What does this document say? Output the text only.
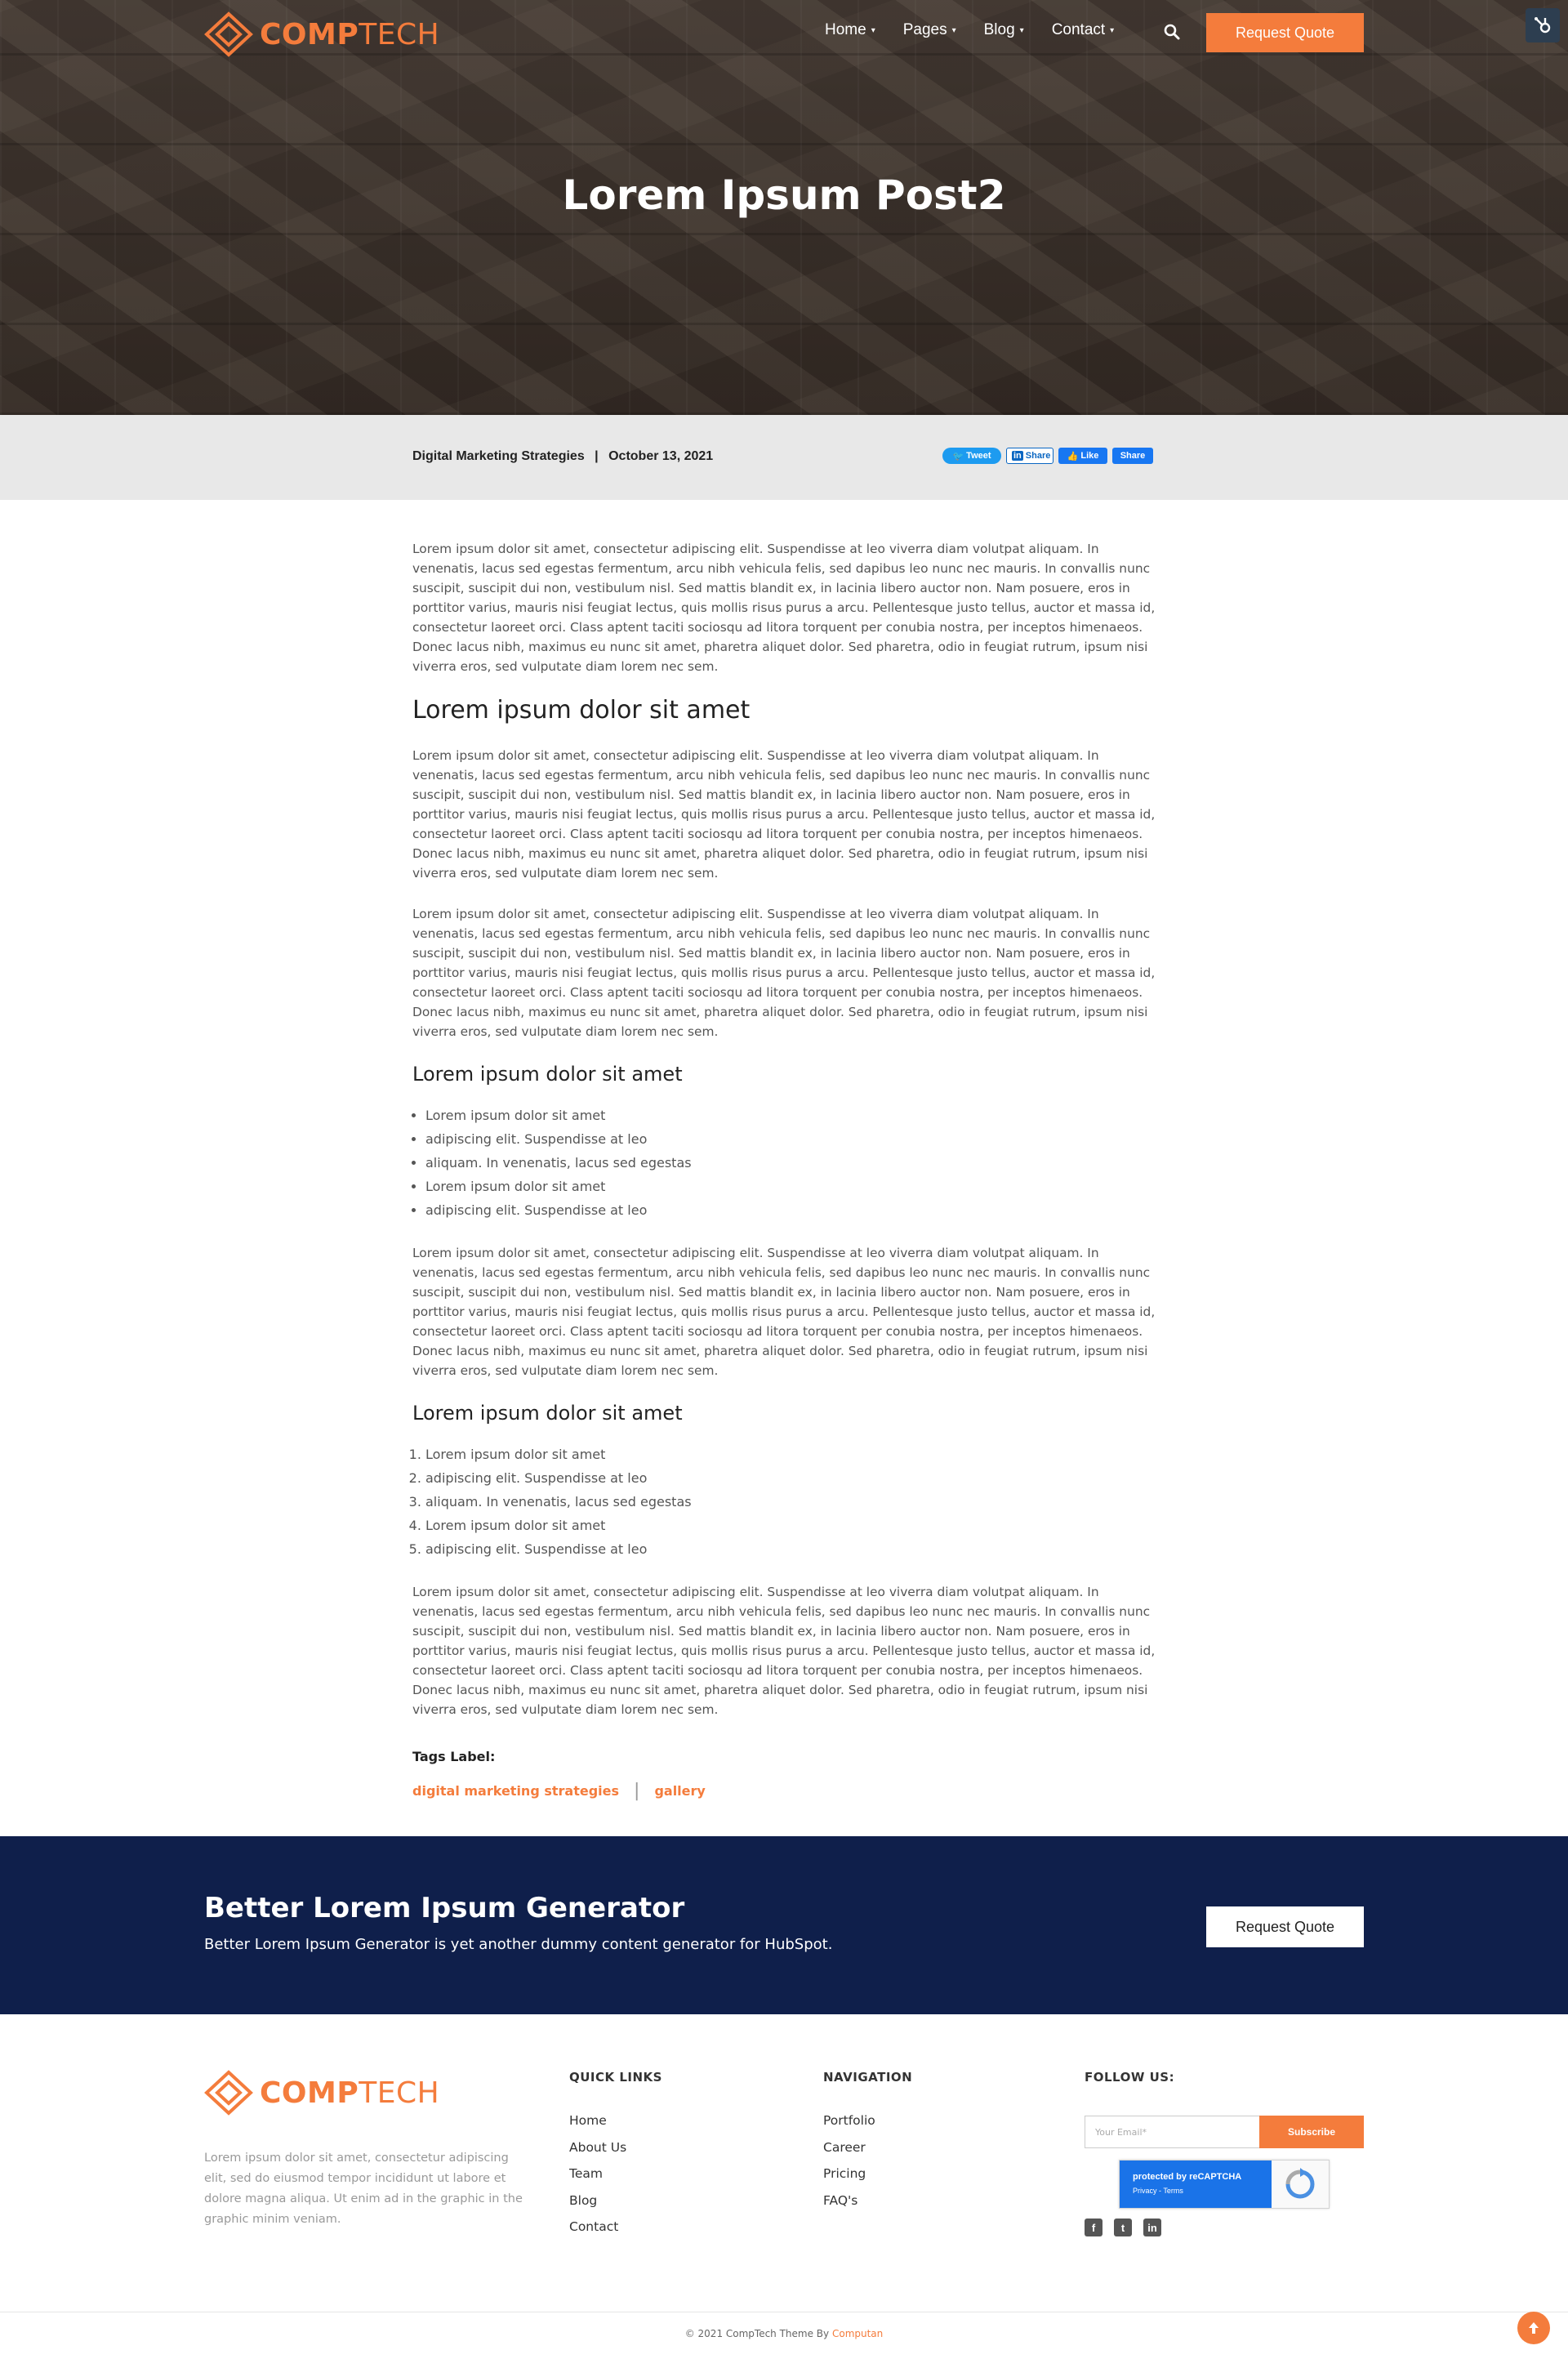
COMPTECH	Home ▾ Pages ▾ Blog ▾ Contact ▾	Request Quote
Lorem Ipsum Post2
Digital Marketing Strategies | October 13, 2021	🐦 Tweet in Share 👍 Like	Share

Lorem ipsum dolor sit amet, consectetur adipiscing elit. Suspendisse at leo viverra diam volutpat aliquam. In venenatis, lacus sed egestas fermentum, arcu nibh vehicula felis, sed dapibus leo nunc nec mauris. In convallis nunc suscipit, suscipit dui non, vestibulum nisl. Sed mattis blandit ex, in lacinia libero auctor non. Nam posuere, eros in porttitor varius, mauris nisi feugiat lectus, quis mollis risus purus a arcu. Pellentesque justo tellus, auctor et massa id, consectetur laoreet orci. Class aptent taciti sociosqu ad litora torquent per conubia nostra, per inceptos himenaeos. Donec lacus nibh, maximus eu nunc sit amet, pharetra aliquet dolor. Sed pharetra, odio in feugiat rutrum, ipsum nisi viverra eros, sed vulputate diam lorem nec sem.

Lorem ipsum dolor sit amet

Lorem ipsum dolor sit amet, consectetur adipiscing elit. Suspendisse at leo viverra diam volutpat aliquam. In venenatis, lacus sed egestas fermentum, arcu nibh vehicula felis, sed dapibus leo nunc nec mauris. In convallis nunc suscipit, suscipit dui non, vestibulum nisl. Sed mattis blandit ex, in lacinia libero auctor non. Nam posuere, eros in porttitor varius, mauris nisi feugiat lectus, quis mollis risus purus a arcu. Pellentesque justo tellus, auctor et massa id, consectetur laoreet orci. Class aptent taciti sociosqu ad litora torquent per conubia nostra, per inceptos himenaeos. Donec lacus nibh, maximus eu nunc sit amet, pharetra aliquet dolor. Sed pharetra, odio in feugiat rutrum, ipsum nisi viverra eros, sed vulputate diam lorem nec sem.

Lorem ipsum dolor sit amet, consectetur adipiscing elit. Suspendisse at leo viverra diam volutpat aliquam. In venenatis, lacus sed egestas fermentum, arcu nibh vehicula felis, sed dapibus leo nunc nec mauris. In convallis nunc suscipit, suscipit dui non, vestibulum nisl. Sed mattis blandit ex, in lacinia libero auctor non. Nam posuere, eros in porttitor varius, mauris nisi feugiat lectus, quis mollis risus purus a arcu. Pellentesque justo tellus, auctor et massa id, consectetur laoreet orci. Class aptent taciti sociosqu ad litora torquent per conubia nostra, per inceptos himenaeos. Donec lacus nibh, maximus eu nunc sit amet, pharetra aliquet dolor. Sed pharetra, odio in feugiat rutrum, ipsum nisi viverra eros, sed vulputate diam lorem nec sem.

Lorem ipsum dolor sit amet
• Lorem ipsum dolor sit amet
• adipiscing elit. Suspendisse at leo
• aliquam. In venenatis, lacus sed egestas
• Lorem ipsum dolor sit amet
• adipiscing elit. Suspendisse at leo

Lorem ipsum dolor sit amet, consectetur adipiscing elit. Suspendisse at leo viverra diam volutpat aliquam. In venenatis, lacus sed egestas fermentum, arcu nibh vehicula felis, sed dapibus leo nunc nec mauris. In convallis nunc suscipit, suscipit dui non, vestibulum nisl. Sed mattis blandit ex, in lacinia libero auctor non. Nam posuere, eros in porttitor varius, mauris nisi feugiat lectus, quis mollis risus purus a arcu. Pellentesque justo tellus, auctor et massa id, consectetur laoreet orci. Class aptent taciti sociosqu ad litora torquent per conubia nostra, per inceptos himenaeos. Donec lacus nibh, maximus eu nunc sit amet, pharetra aliquet dolor. Sed pharetra, odio in feugiat rutrum, ipsum nisi viverra eros, sed vulputate diam lorem nec sem.

Lorem ipsum dolor sit amet
1. Lorem ipsum dolor sit amet
2. adipiscing elit. Suspendisse at leo
3. aliquam. In venenatis, lacus sed egestas
4. Lorem ipsum dolor sit amet
5. adipiscing elit. Suspendisse at leo

Lorem ipsum dolor sit amet, consectetur adipiscing elit. Suspendisse at leo viverra diam volutpat aliquam. In venenatis, lacus sed egestas fermentum, arcu nibh vehicula felis, sed dapibus leo nunc nec mauris. In convallis nunc suscipit, suscipit dui non, vestibulum nisl. Sed mattis blandit ex, in lacinia libero auctor non. Nam posuere, eros in porttitor varius, mauris nisi feugiat lectus, quis mollis risus purus a arcu. Pellentesque justo tellus, auctor et massa id, consectetur laoreet orci. Class aptent taciti sociosqu ad litora torquent per conubia nostra, per inceptos himenaeos. Donec lacus nibh, maximus eu nunc sit amet, pharetra aliquet dolor. Sed pharetra, odio in feugiat rutrum, ipsum nisi viverra eros, sed vulputate diam lorem nec sem.

Tags Label:
digital marketing strategies | gallery
Better Lorem Ipsum Generator

Better Lorem Ipsum Generator is yet another dummy content generator for HubSpot.

Request Quote
COMPTECH

Lorem ipsum dolor sit amet, consectetur adipiscing elit, sed do eiusmod tempor incididunt ut labore et dolore magna aliqua. Ut enim ad in the graphic in the graphic minim veniam.

QUICK LINKS
Home
About Us
Team
Blog
Contact
NAVIGATION
Portfolio
Career
Pricing
FAQ's
FOLLOW US:
Your Email*	Subscribe
protected by reCAPTCHA
Privacy - Terms
f	t	in

© 2021 CompTech Theme By Computan
